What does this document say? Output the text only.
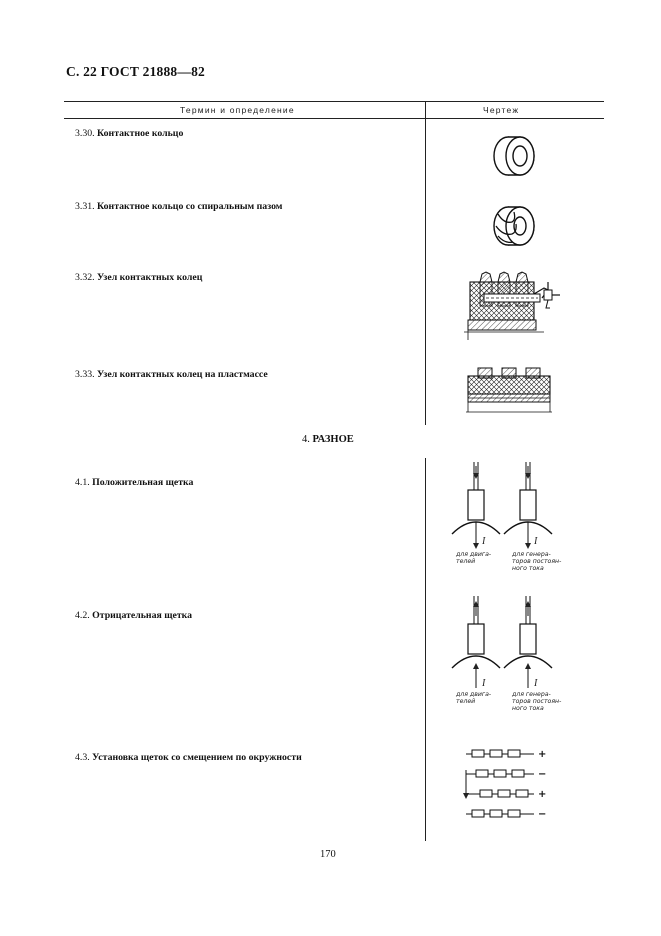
С. 22 ГОСТ 21888—82
Термин и определение	Чертеж
3.30. Контактное кольцо
3.31. Контактное кольцо со спиральным пазом
3.32. Узел контактных колец
3.33. Узел контактных колец на пластмассе
4. РАЗНОЕ
4.1. Положительная щетка
4.2. Отрицательная щетка
4.3. Установка щеток со смещением по окружности
I
для двига-телей
I
для генера-торов постоян-ного тока
I
для двига-телей
I
для генера-торов постоян-ного тока
+
−
+
−
170
